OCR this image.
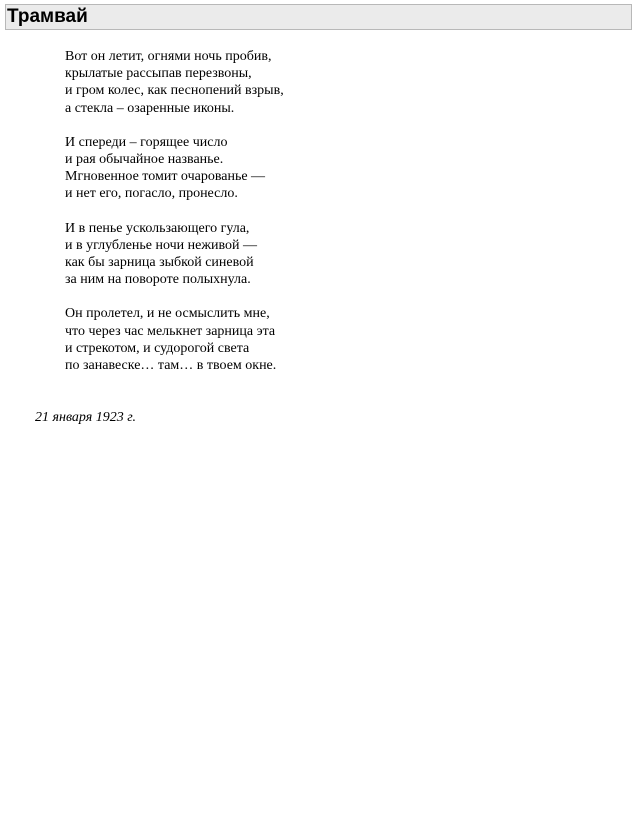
Трамвай
Вот он летит, огнями ночь пробив,
крылатые рассыпав перезвоны,
и гром колес, как песнопений взрыв,
а стекла – озаренные иконы.
И спереди – горящее число
и рая обычайное названье.
Мгновенное томит очарованье —
и нет его, погасло, пронесло.
И в пенье ускользающего гула,
и в углубленье ночи неживой —
как бы зарница зыбкой синевой
за ним на повороте полыхнула.
Он пролетел, и не осмыслить мне,
что через час мелькнет зарница эта
и стрекотом, и судорогой света
по занавеске… там… в твоем окне.
21 января 1923 г.
